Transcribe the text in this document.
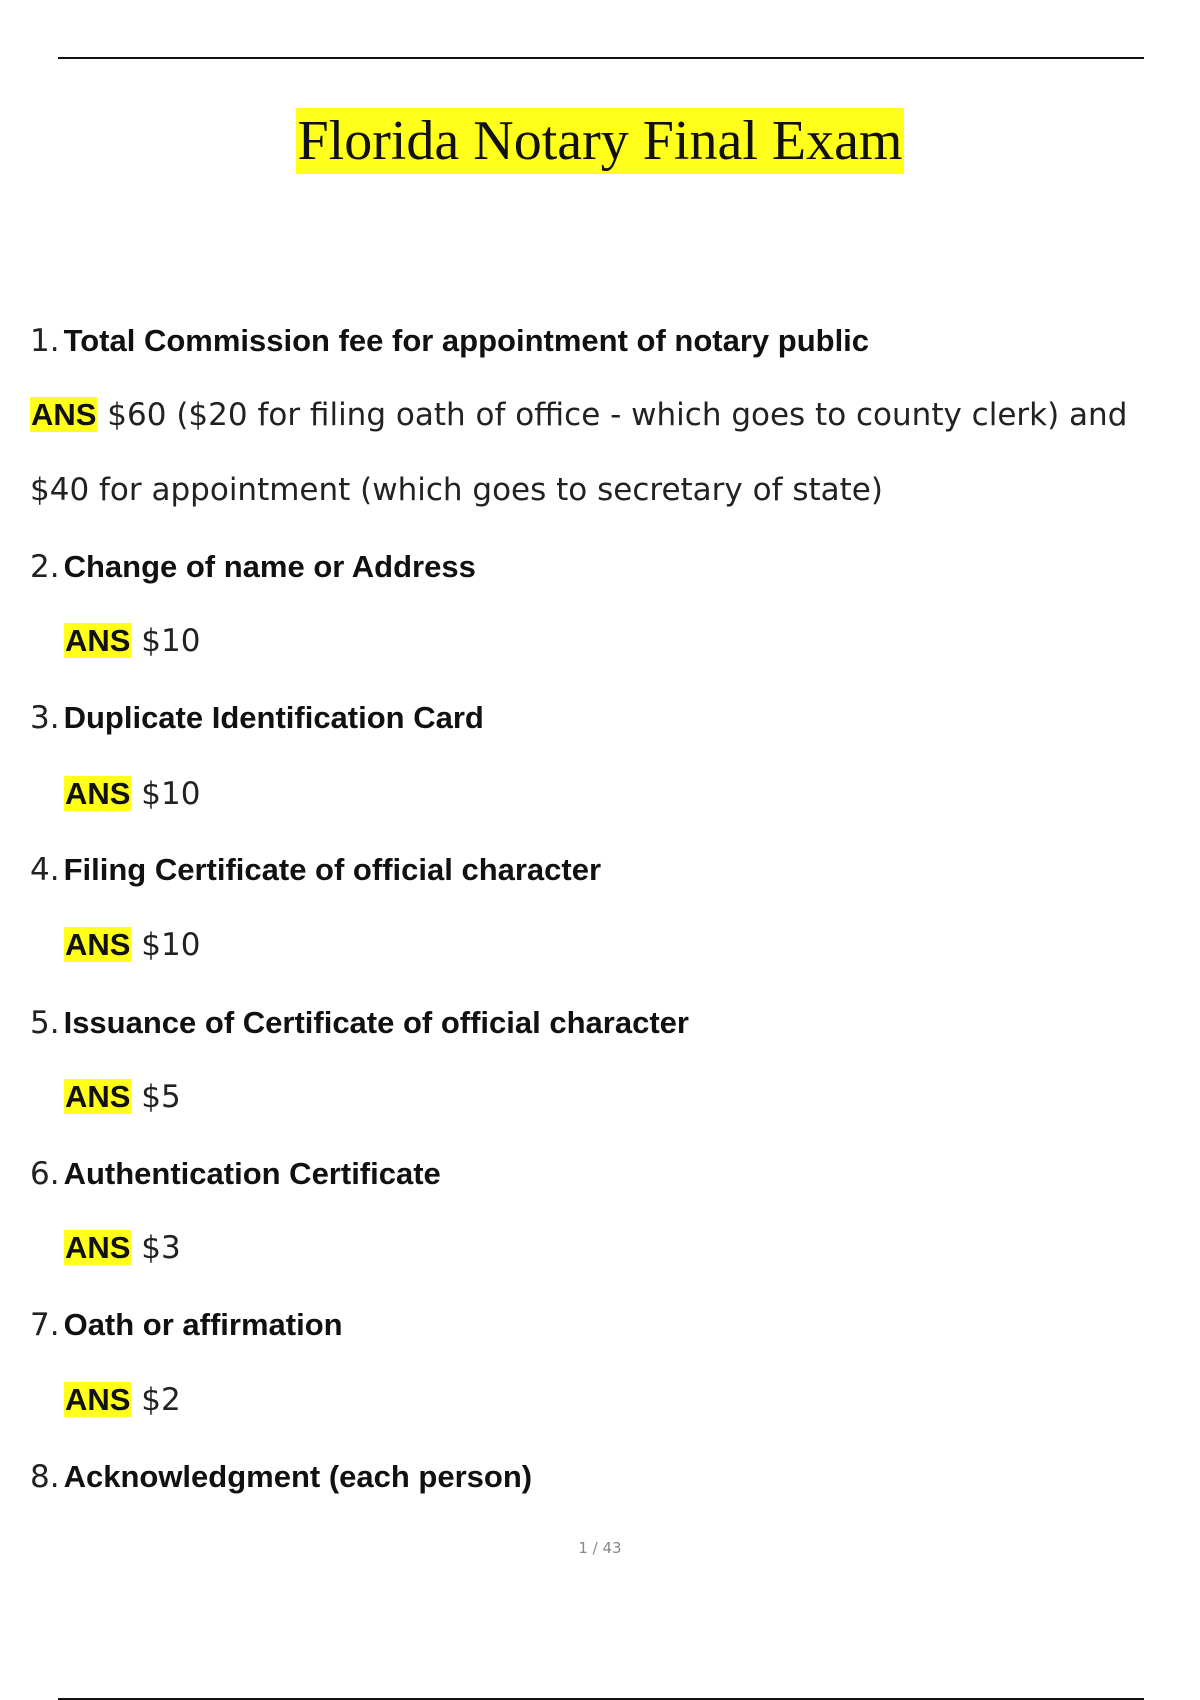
Florida Notary Final Exam
1. Total Commission fee for appointment of notary public
ANS $60 ($20 for filing oath of office - which goes to county clerk) and
$40 for appointment (which goes to secretary of state)
2. Change of name or Address
ANS $10
3. Duplicate Identification Card
ANS $10
4. Filing Certificate of official character
ANS $10
5. Issuance of Certificate of official character
ANS $5
6. Authentication Certificate
ANS $3
7. Oath or affirmation
ANS $2
8. Acknowledgment (each person)
1 / 43
